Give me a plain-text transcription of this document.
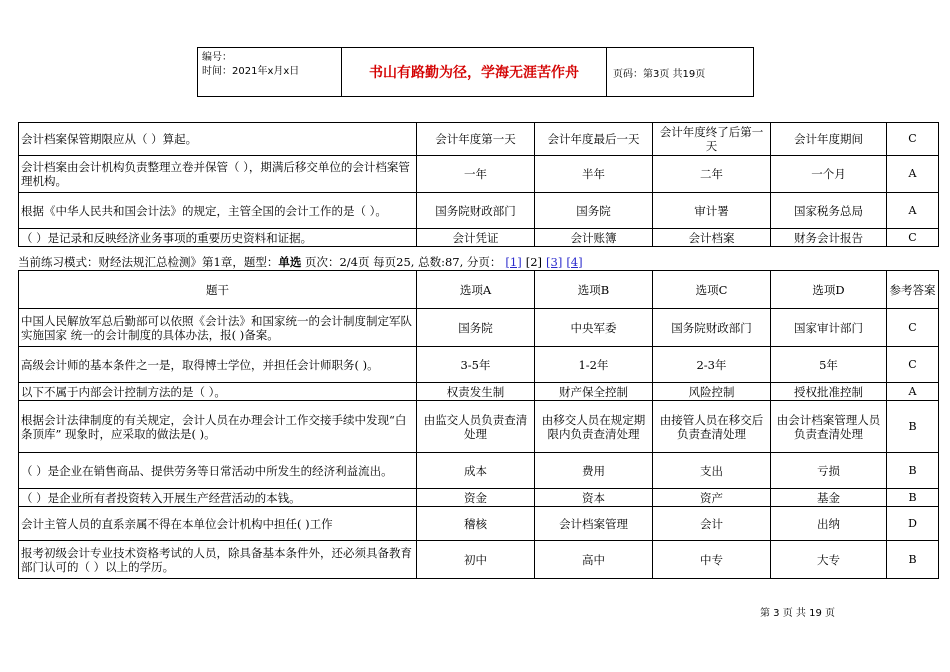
编号：
时间：2021年x月x日	书山有路勤为径，学海无涯苦作舟	页码：第3页 共19页
会计档案保管期限应从（ ）算起。	会计年度第一天	会计年度最后一天	会计年度终了后第一天	会计年度期间	C
会计档案由会计机构负责整理立卷并保管（ ），期满后移交单位的会计档案管理机构。	一年	半年	二年	一个月	A
根据《中华人民共和国会计法》的规定，主管全国的会计工作的是（ ）。	国务院财政部门	国务院	审计署	国家税务总局	A
（ ）是记录和反映经济业务事项的重要历史资料和证据。	会计凭证	会计账簿	会计档案	财务会计报告	C
当前练习模式：财经法规汇总检测》第1章，题型：单选 页次：2/4页 每页25, 总数:87, 分页： [1] [2] [3] [4]
题干	选项A	选项B	选项C	选项D	参考答案
中国人民解放军总后勤部可以依照《会计法》和国家统一的会计制度制定军队实施国家 统一的会计制度的具体办法，报( )备案。	国务院	中央军委	国务院财政部门	国家审计部门	C
高级会计师的基本条件之一是，取得博士学位，并担任会计师职务( )。	3-5年	1-2年	2-3年	5年	C
以下不属于内部会计控制方法的是（ ）。	权责发生制	财产保全控制	风险控制	授权批准控制	A
根据会计法律制度的有关规定，会计人员在办理会计工作交接手续中发现“白条顶库” 现象时，应采取的做法是( )。	由监交人员负责查清处理	由移交人员在规定期限内负责查清处理	由接管人员在移交后负责查清处理	由会计档案管理人员负责查清处理	B
（ ）是企业在销售商品、提供劳务等日常活动中所发生的经济利益流出。	成本	费用	支出	亏损	B
（ ）是企业所有者投资转入开展生产经营活动的本钱。	资金	资本	资产	基金	B
会计主管人员的直系亲属不得在本单位会计机构中担任( )工作	稽核	会计档案管理	会计	出纳	D
报考初级会计专业技术资格考试的人员，除具备基本条件外，还必须具备教育部门认可的（ ）以上的学历。	初中	高中	中专	大专	B
第 3 页 共 19 页
